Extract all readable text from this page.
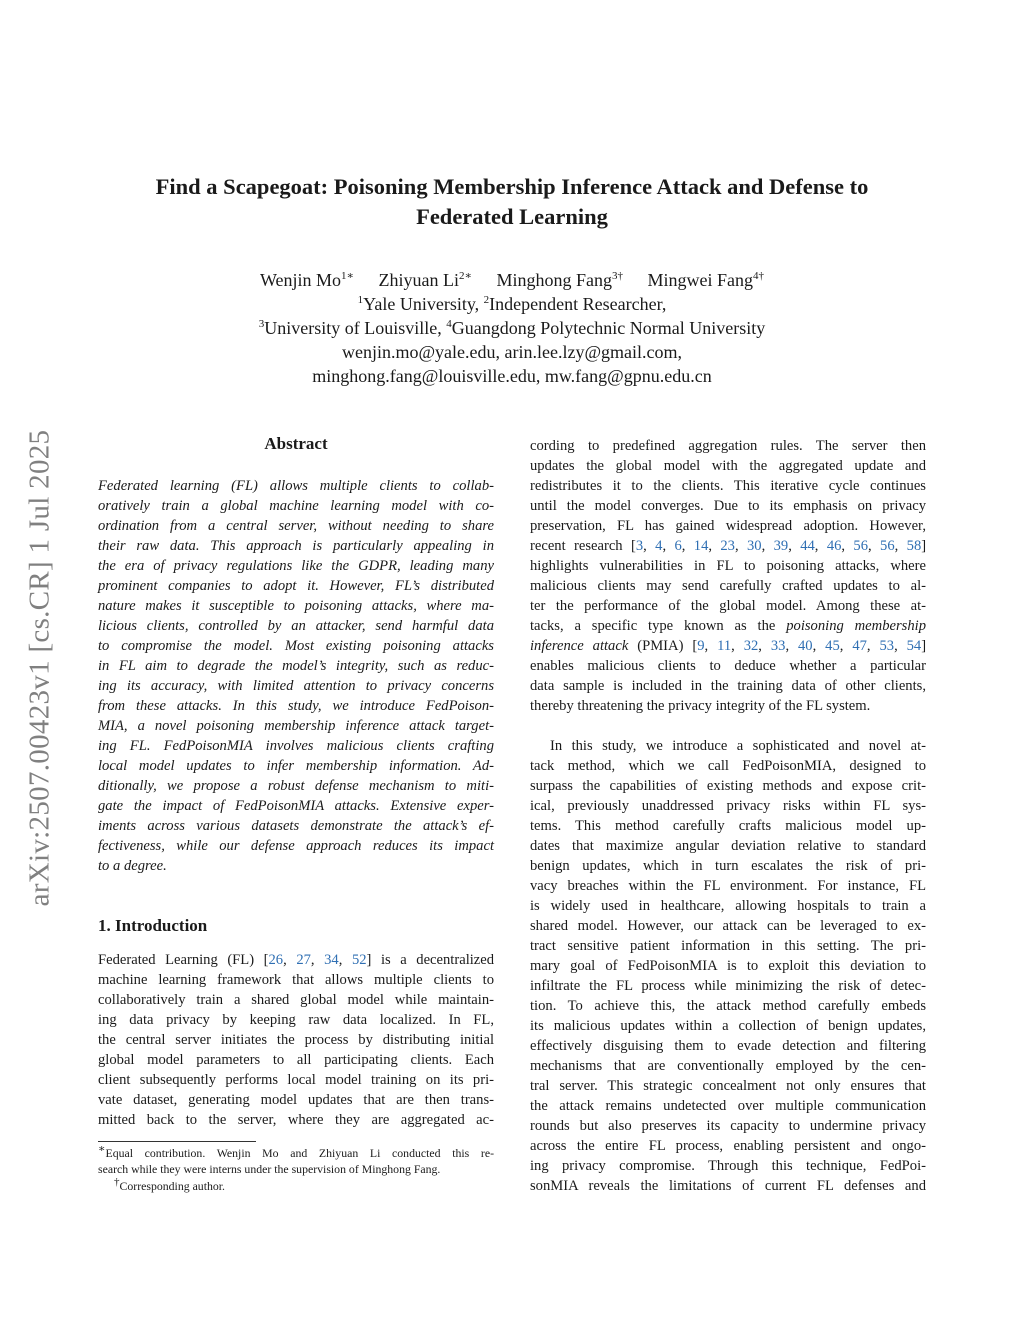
arXiv:2507.00423v1 [cs.CR] 1 Jul 2025
Find a Scapegoat: Poisoning Membership Inference Attack and Defense to
Federated Learning
Wenjin $Mo^{1∗}$ Zhiyuan $Li^{2∗}$ Minghong Fang$^{3\dagger}$ Mingwei Fang$^{4\dagger}$
$^1$Yale University, $^2$Independent Researcher,
$^3$University of Louisville, $^4$Guangdong Polytechnic Normal University
wenjin.mo@yale.edu, arin.lee.lzy@gmail.com,
minghong.fang@louisville.edu, mw.fang@gpnu.edu.cn
Abstract
Federated learning (FL) allows multiple clients to collab-
oratively train a global machine learning model with co-
ordination from a central server, without needing to share
their raw data. This approach is particularly appealing in
the era of privacy regulations like the GDPR, leading many
prominent companies to adopt it. However, FL’s distributed
nature makes it susceptible to poisoning attacks, where ma-
licious clients, controlled by an attacker, send harmful data
to compromise the model. Most existing poisoning attacks
in FL aim to degrade the model’s integrity, such as reduc-
ing its accuracy, with limited attention to privacy concerns
from these attacks. In this study, we introduce FedPoison-
MIA, a novel poisoning membership inference attack target-
ing FL. FedPoisonMIA involves malicious clients crafting
local model updates to infer membership information. Ad-
ditionally, we propose a robust defense mechanism to miti-
gate the impact of FedPoisonMIA attacks. Extensive exper-
iments across various datasets demonstrate the attack’s ef-
fectiveness, while our defense approach reduces its impact
to a degree.
1. Introduction
Federated Learning (FL) [26, 27, 34, 52] is a decentralized
machine learning framework that allows multiple clients to
collaboratively train a shared global model while maintain-
ing data privacy by keeping raw data localized. In FL,
the central server initiates the process by distributing initial
global model parameters to all participating clients. Each
client subsequently performs local model training on its pri-
vate dataset, generating model updates that are then trans-
mitted back to the server, where they are aggregated ac-
∗Equal contribution. Wenjin Mo and Zhiyuan Li conducted this re-
search while they were interns under the supervision of Minghong Fang.
†Corresponding author.
cording to predefined aggregation rules. The server then
updates the global model with the aggregated update and
redistributes it to the clients. This iterative cycle continues
until the model converges. Due to its emphasis on privacy
preservation, FL has gained widespread adoption. However,
recent research [3, 4, 6, 14, 23, 30, 39, 44, 46, 56, 56, 58]
highlights vulnerabilities in FL to poisoning attacks, where
malicious clients may send carefully crafted updates to al-
ter the performance of the global model. Among these at-
tacks, a specific type known as the poisoning membership
inference attack (PMIA) [9, 11, 32, 33, 40, 45, 47, 53, 54]
enables malicious clients to deduce whether a particular
data sample is included in the training data of other clients,
thereby threatening the privacy integrity of the FL system.
In this study, we introduce a sophisticated and novel at-
tack method, which we call FedPoisonMIA, designed to
surpass the capabilities of existing methods and expose crit-
ical, previously unaddressed privacy risks within FL sys-
tems. This method carefully crafts malicious model up-
dates that maximize angular deviation relative to standard
benign updates, which in turn escalates the risk of pri-
vacy breaches within the FL environment. For instance, FL
is widely used in healthcare, allowing hospitals to train a
shared model. However, our attack can be leveraged to ex-
tract sensitive patient information in this setting. The pri-
mary goal of FedPoisonMIA is to exploit this deviation to
infiltrate the FL process while minimizing the risk of detec-
tion. To achieve this, the attack method carefully embeds
its malicious updates within a collection of benign updates,
effectively disguising them to evade detection and filtering
mechanisms that are conventionally employed by the cen-
tral server. This strategic concealment not only ensures that
the attack remains undetected over multiple communication
rounds but also preserves its capacity to undermine privacy
across the entire FL process, enabling persistent and ongo-
ing privacy compromise. Through this technique, FedPoi-
sonMIA reveals the limitations of current FL defenses and
